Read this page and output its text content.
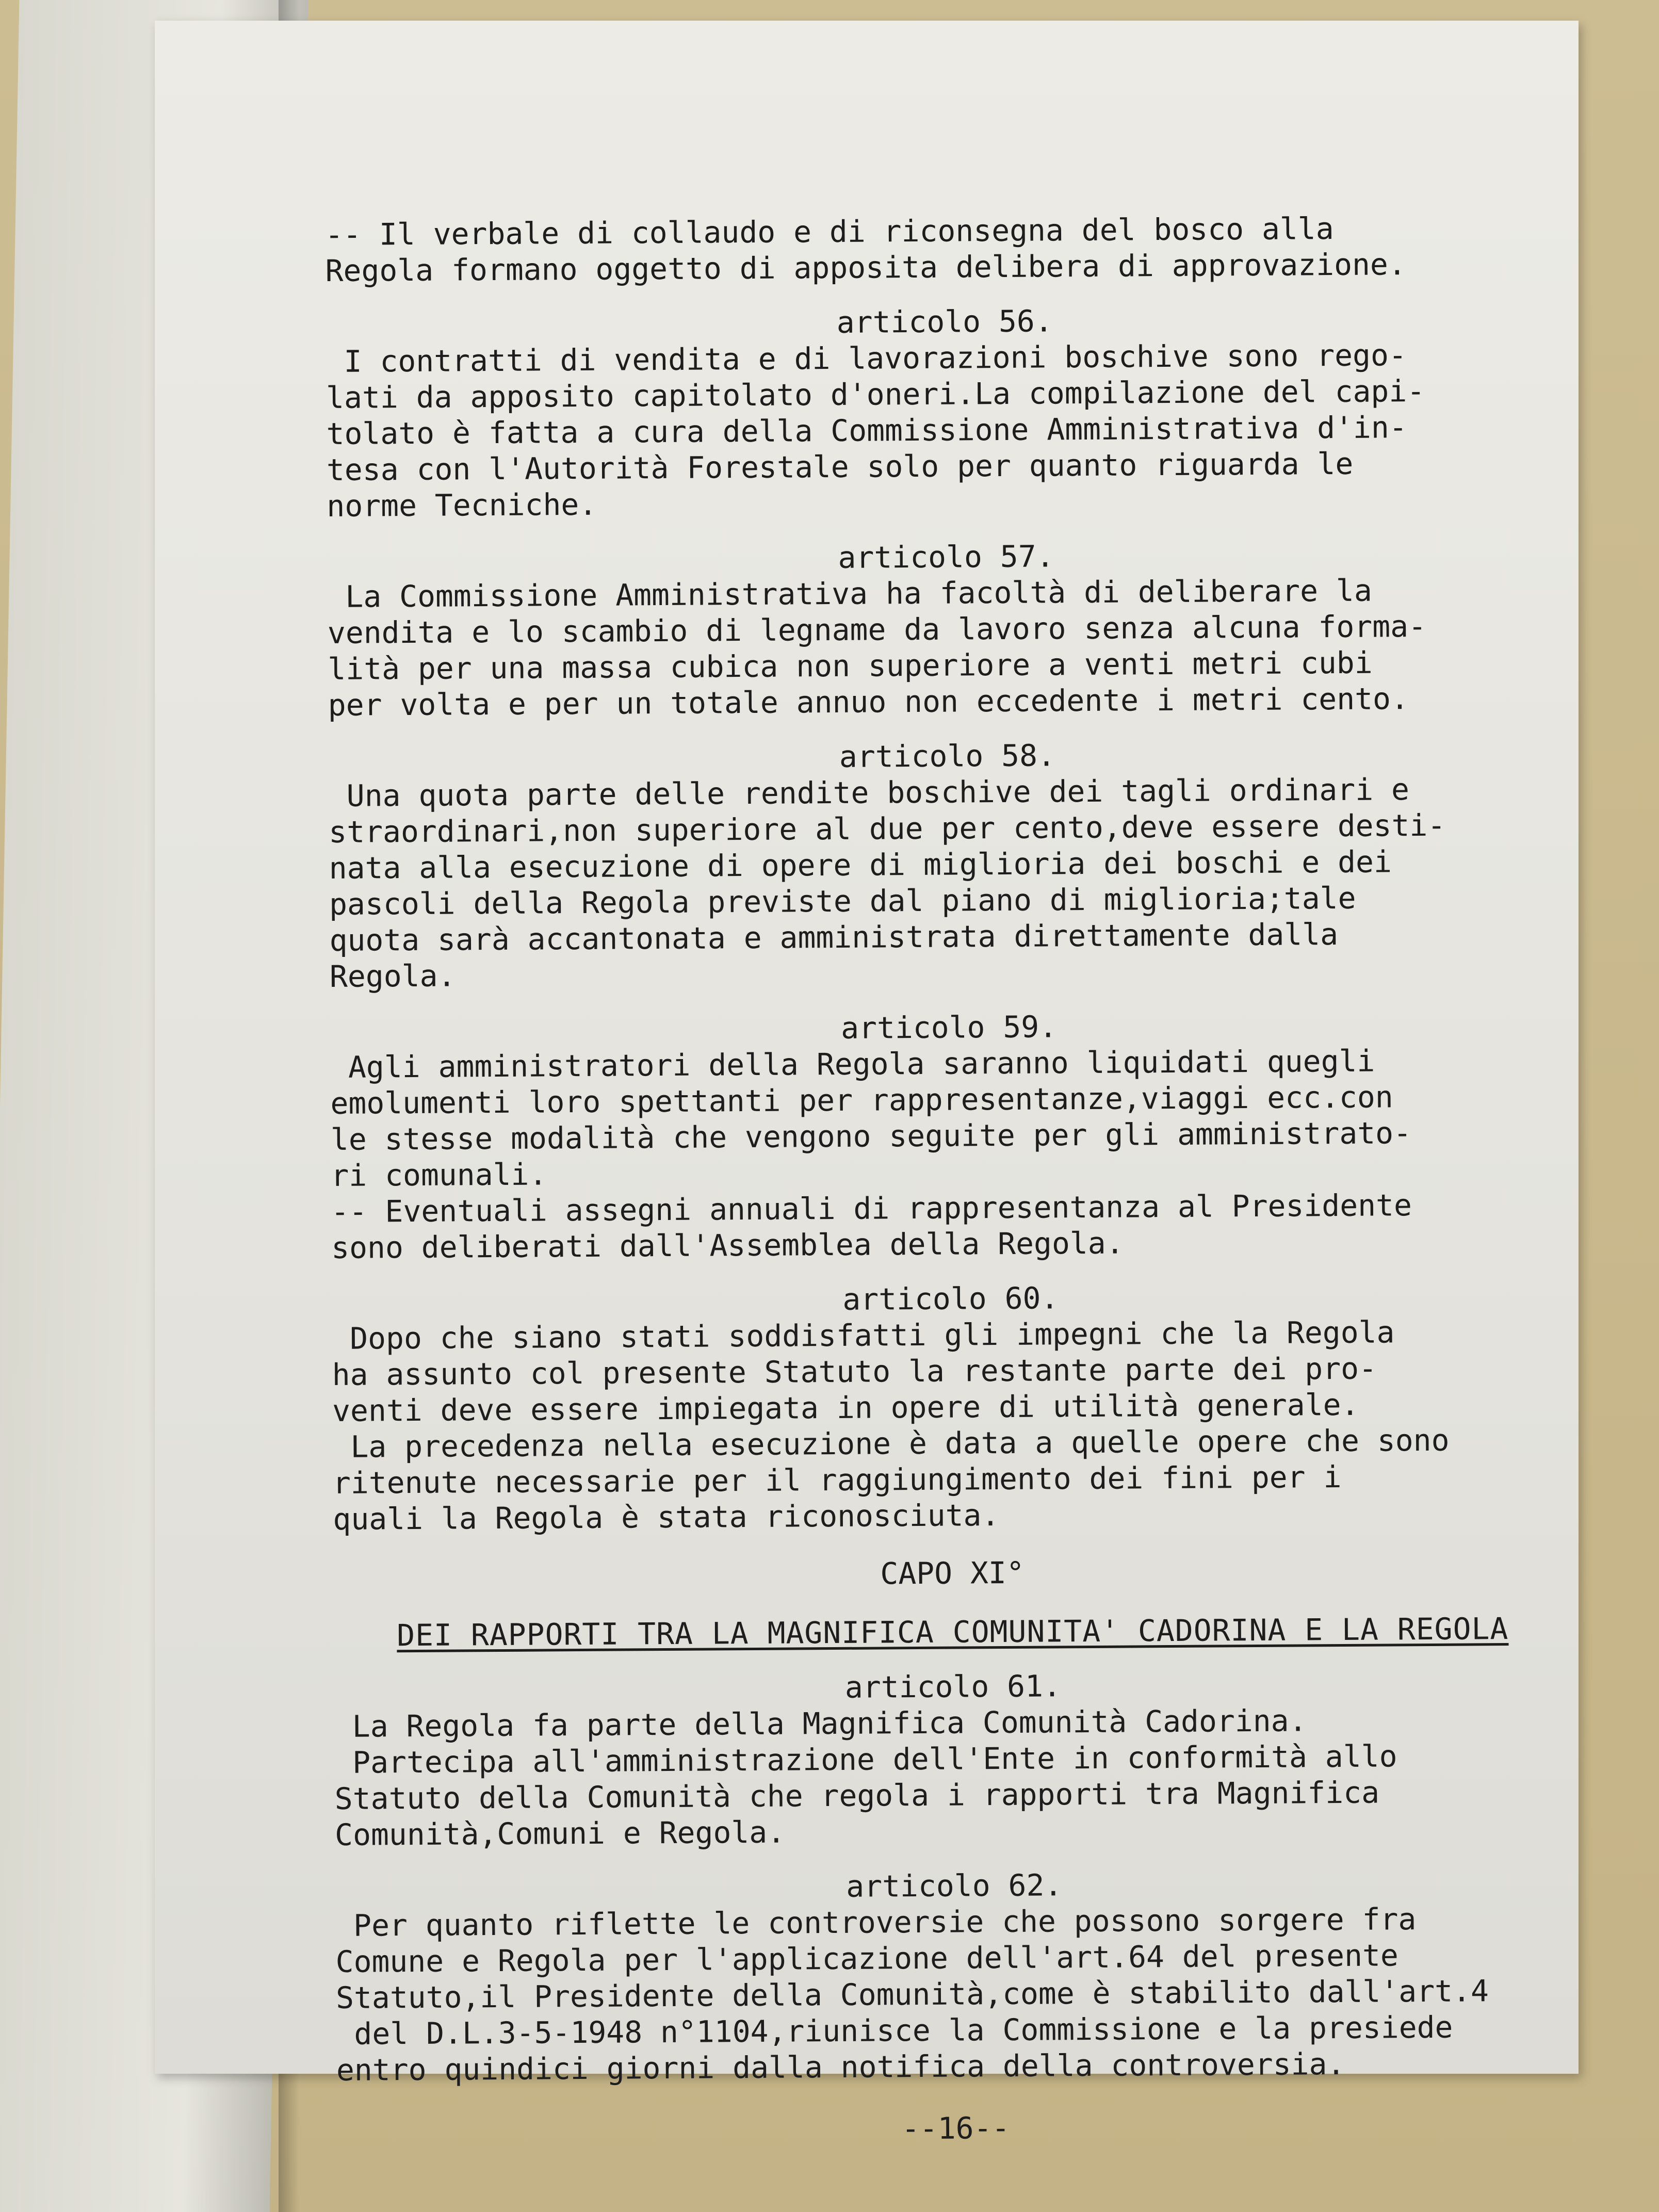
-- Il verbale di collaudo e di riconsegna del bosco alla
Regola formano oggetto di apposita delibera di approvazione.
articolo 56.
I contratti di vendita e di lavorazioni boschive sono rego-
lati da apposito capitolato d'oneri.La compilazione del capi-
tolato è fatta a cura della Commissione Amministrativa d'in-
tesa con l'Autorità Forestale solo per quanto riguarda le
norme Tecniche.
articolo 57.
La Commissione Amministrativa ha facoltà di deliberare la
vendita e lo scambio di legname da lavoro senza alcuna forma-
lità per una massa cubica non superiore a venti metri cubi
per volta e per un totale annuo non eccedente i metri cento.
articolo 58.
Una quota parte delle rendite boschive dei tagli ordinari e
straordinari,non superiore al due per cento,deve essere desti-
nata alla esecuzione di opere di miglioria dei boschi e dei
pascoli della Regola previste dal piano di miglioria;tale
quota sarà accantonata e amministrata direttamente dalla
Regola.
articolo 59.
Agli amministratori della Regola saranno liquidati quegli
emolumenti loro spettanti per rappresentanze,viaggi ecc.con
le stesse modalità che vengono seguite per gli amministrato-
ri comunali.
-- Eventuali assegni annuali di rappresentanza al Presidente
sono deliberati dall'Assemblea della Regola.
articolo 60.
Dopo che siano stati soddisfatti gli impegni che la Regola
ha assunto col presente Statuto la restante parte dei pro-
venti deve essere impiegata in opere di utilità generale.
La precedenza nella esecuzione è data a quelle opere che sono
ritenute necessarie per il raggiungimento dei fini per i
quali la Regola è stata riconosciuta.
CAPO XI°
DEI RAPPORTI TRA LA MAGNIFICA COMUNITA' CADORINA E LA REGOLA
articolo 61.
La Regola fa parte della Magnifica Comunità Cadorina.
Partecipa all'amministrazione dell'Ente in conformità allo
Statuto della Comunità che regola i rapporti tra Magnifica
Comunità,Comuni e Regola.
articolo 62.
Per quanto riflette le controversie che possono sorgere fra
Comune e Regola per l'applicazione dell'art.64 del presente
Statuto,il Presidente della Comunità,come è stabilito dall'art.4
del D.L.3-5-1948 n°1104,riunisce la Commissione e la presiede
entro quindici giorni dalla notifica della controversia.
--16--
